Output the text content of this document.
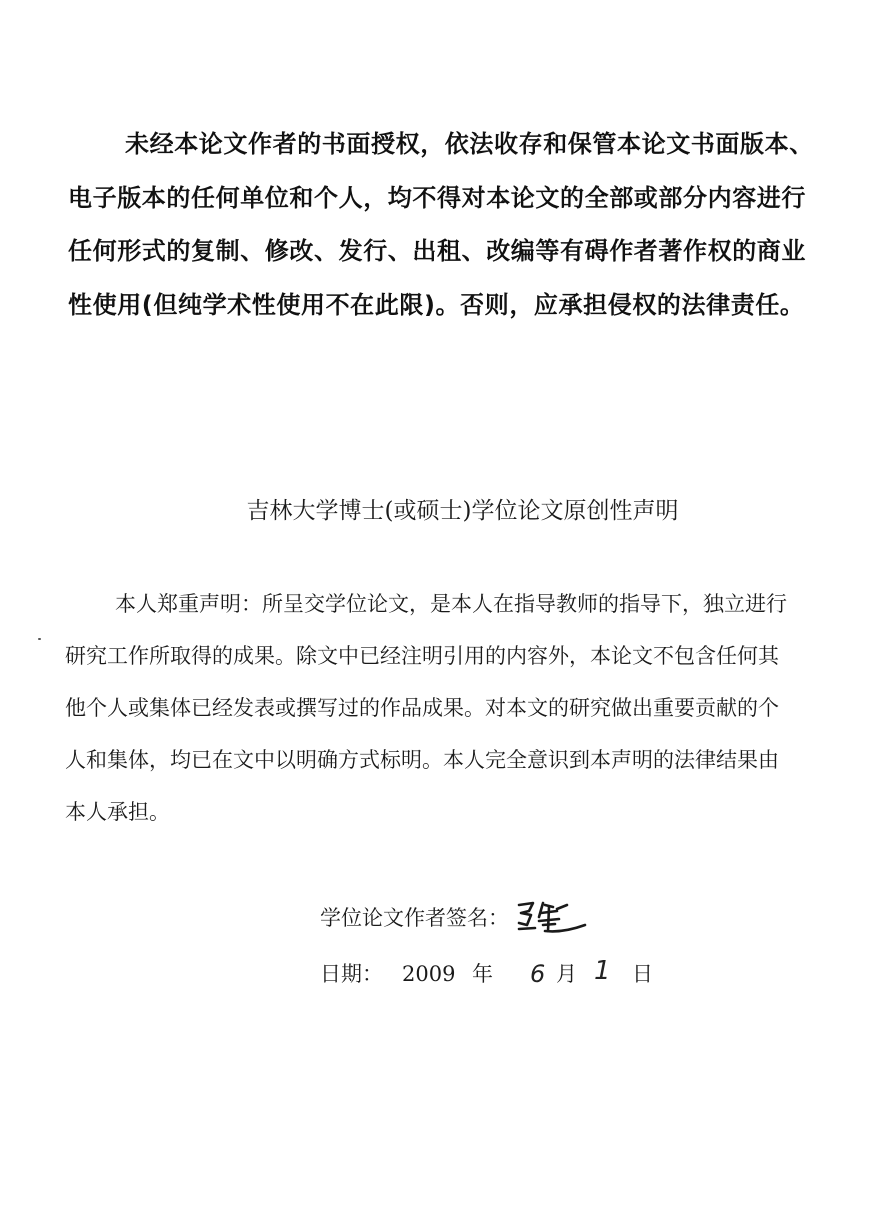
未经本论文作者的书面授权，依法收存和保管本论文书面版本、电子版本的任何单位和个人，均不得对本论文的全部或部分内容进行任何形式的复制、修改、发行、出租、改编等有碍作者著作权的商业性使用(但纯学术性使用不在此限)。否则，应承担侵权的法律责任。

吉林大学博士(或硕士)学位论文原创性声明

本人郑重声明：所呈交学位论文，是本人在指导教师的指导下，独立进行研究工作所取得的成果。除文中已经注明引用的内容外，本论文不包含任何其他个人或集体已经发表或撰写过的作品成果。对本文的研究做出重要贡献的个人和集体，均已在文中以明确方式标明。本人完全意识到本声明的法律结果由本人承担。

学位论文作者签名：
日期： 2009 年 6 月 1 日
